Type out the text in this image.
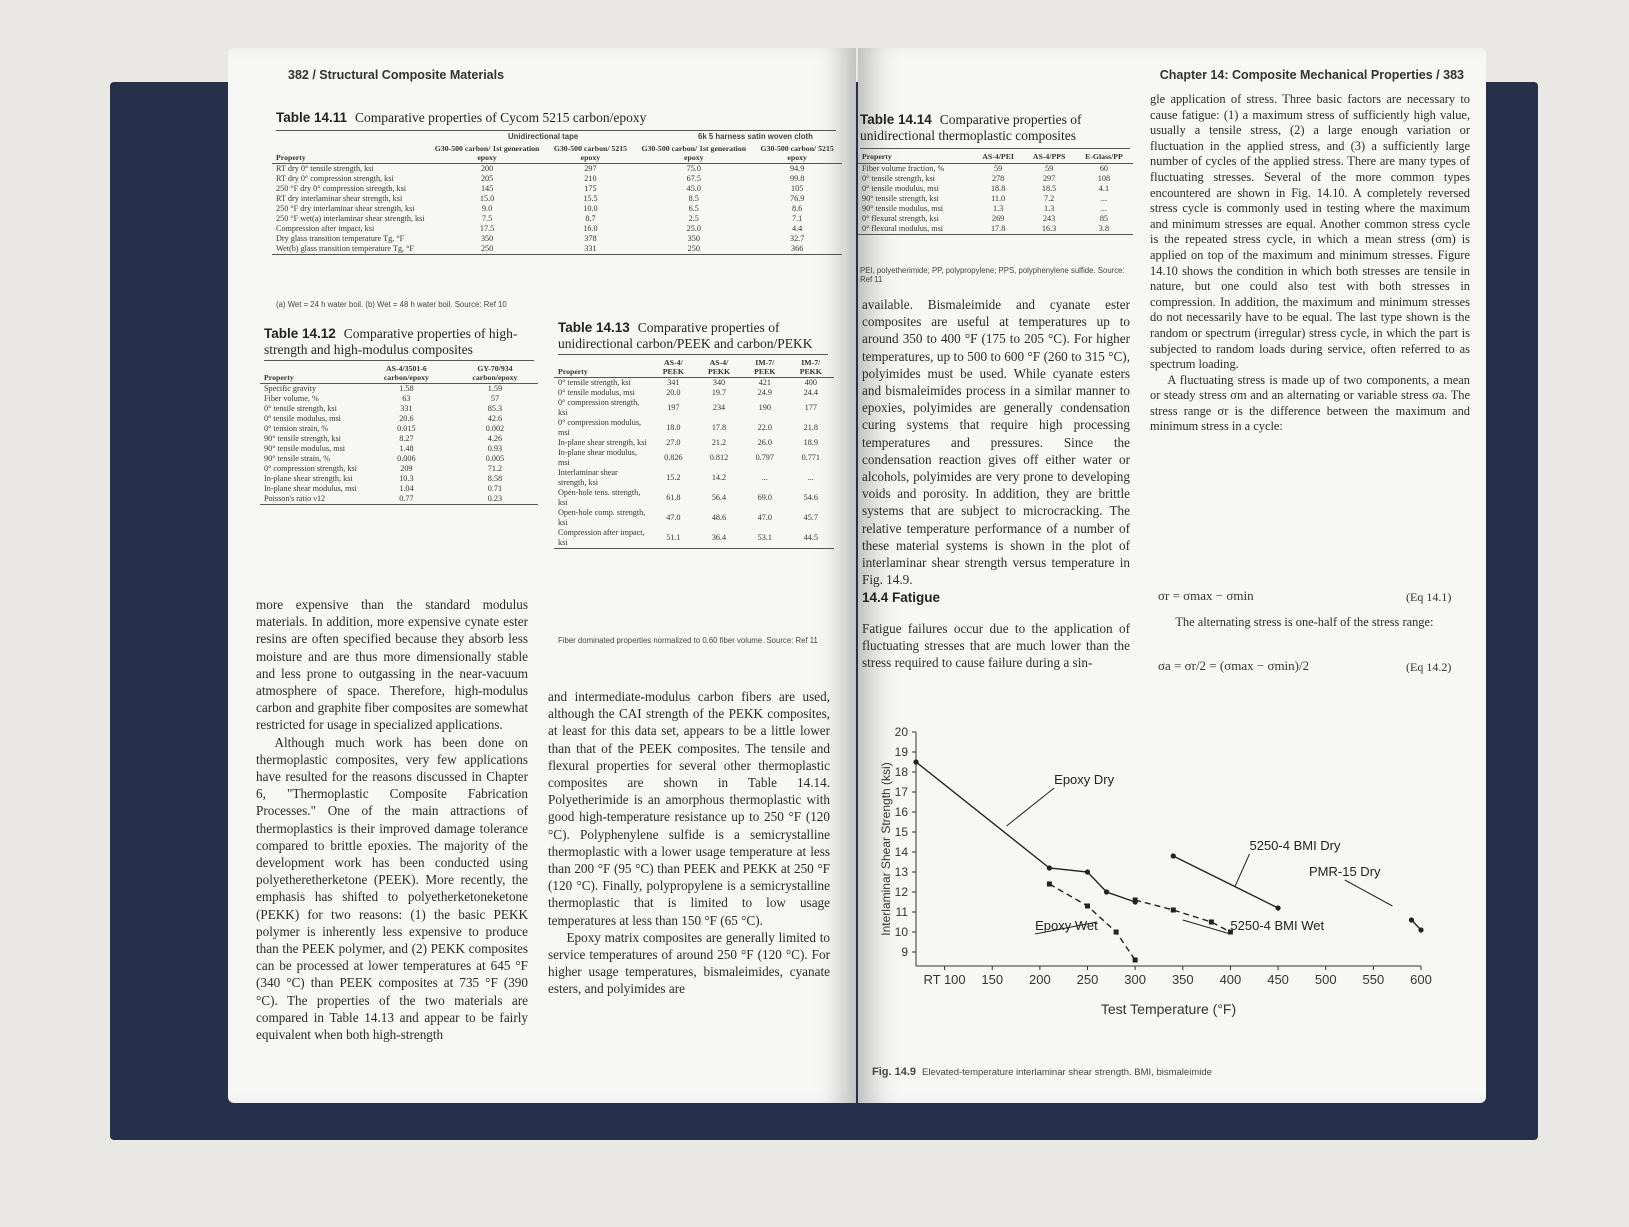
382 / Structural Composite Materials
Table 14.11 Comparative properties of Cycom 5215 carbon/epoxy
Unidirectional tape	6k 5 harness satin woven cloth
Property	G30-500 carbon/ 1st generation epoxy	G30-500 carbon/ 5215 epoxy	G30-500 carbon/ 1st generation epoxy	G30-500 carbon/ 5215 epoxy
RT dry 0° tensile strength, ksi	200	297	75.0	94.9
RT dry 0° compression strength, ksi	205	210	67.5	99.8
250 °F dry 0° compression strength, ksi	145	175	45.0	105
RT dry interlaminar shear strength, ksi	15.0	15.5	8.5	76.9
250 °F dry interlaminar shear strength, ksi	9.0	10.0	6.5	8.6
250 °F wet(a) interlaminar shear strength, ksi	7.5	8.7	2.5	7.1
Compression after impact, ksi	17.5	16.0	25.0	4.4
Dry glass transition temperature Tg, °F	350	378	350	32.7
Wet(b) glass transition temperature Tg, °F	250	331	250	366
(a) Wet = 24 h water boil. (b) Wet = 48 h water boil. Source: Ref 10
Table 14.12 Comparative properties of high-strength and high-modulus composites
Property	AS-4/3501-6 carbon/epoxy	GY-70/934 carbon/epoxy
Specific gravity	1.58	1.59
Fiber volume, %	63	57
0° tensile strength, ksi	331	85.3
0° tensile modulus, msi	20.6	42.6
0° tension strain, %	0.015	0.002
90° tensile strength, ksi	8.27	4.26
90° tensile modulus, msi	1.48	0.93
90° tensile strain, %	0.006	0.005
0° compression strength, ksi	209	71.2
In-plane shear strength, ksi	10.3	8.58
In-plane shear modulus, msi	1.04	0.71
Poisson's ratio ν12	0.77	0.23
Table 14.13 Comparative properties of unidirectional carbon/PEEK and carbon/PEKK
Property	AS-4/ PEEK	AS-4/ PEKK	IM-7/ PEEK	IM-7/ PEKK
0° tensile strength, ksi	341	340	421	400
0° tensile modulus, msi	20.0	19.7	24.9	24.4
0° compression strength, ksi	197	234	190	177
0° compression modulus, msi	18.0	17.8	22.0	21.8
In-plane shear strength, ksi	27.0	21.2	26.0	18.9
In-plane shear modulus, msi	0.826	0.812	0.797	0.771
Interlaminar shear strength, ksi	15.2	14.2	...	...
Open-hole tens. strength, ksi	61.8	56.4	69.0	54.6
Open-hole comp. strength, ksi	47.0	48.6	47.0	45.7
Compression after impact, ksi	51.1	36.4	53.1	44.5
Fiber dominated properties normalized to 0.60 fiber volume. Source: Ref 11

more expensive than the standard modulus materials. In addition, more expensive cynate ester resins are often specified because they absorb less moisture and are thus more dimensionally stable and less prone to outgassing in the near-vacuum atmosphere of space. Therefore, high-modulus carbon and graphite fiber composites are somewhat restricted for usage in specialized applications.

Although much work has been done on thermoplastic composites, very few applications have resulted for the reasons discussed in Chapter 6, "Thermoplastic Composite Fabrication Processes." One of the main attractions of thermoplastics is their improved damage tolerance compared to brittle epoxies. The majority of the development work has been conducted using polyetheretherketone (PEEK). More recently, the emphasis has shifted to polyetherketoneketone (PEKK) for two reasons: (1) the basic PEKK polymer is inherently less expensive to produce than the PEEK polymer, and (2) PEKK composites can be processed at lower temperatures at 645 °F (340 °C) than PEEK composites at 735 °F (390 °C). The properties of the two materials are compared in Table 14.13 and appear to be fairly equivalent when both high-strength

and intermediate-modulus carbon fibers are used, although the CAI strength of the PEKK composites, at least for this data set, appears to be a little lower than that of the PEEK composites. The tensile and flexural properties for several other thermoplastic composites are shown in Table 14.14. Polyetherimide is an amorphous thermoplastic with good high-temperature resistance up to 250 °F (120 °C). Polyphenylene sulfide is a semicrystalline thermoplastic with a lower usage temperature at less than 200 °F (95 °C) than PEEK and PEKK at 250 °F (120 °C). Finally, polypropylene is a semicrystalline thermoplastic that is limited to low usage temperatures at less than 150 °F (65 °C).

Epoxy matrix composites are generally limited to service temperatures of around 250 °F (120 °C). For higher usage temperatures, bismaleimides, cyanate esters, and polyimides are

Chapter 14: Composite Mechanical Properties / 383
Table 14.14 Comparative properties of unidirectional thermoplastic composites
Property	AS-4/PEI	AS-4/PPS	E-Glass/PP
Fiber volume fraction, %	59	59	60
0° tensile strength, ksi	278	297	108
0° tensile modulus, msi	18.8	18.5	4.1
90° tensile strength, ksi	11.0	7.2	...
90° tensile modulus, msi	1.3	1.3	...
0° flexural strength, ksi	269	243	85
0° flexural modulus, msi	17.8	16.3	3.8
PEI, polyetherimide; PP, polypropylene; PPS, polyphenylene sulfide. Source: Ref 11

available. Bismaleimide and cyanate ester composites are useful at temperatures up to around 350 to 400 °F (175 to 205 °C). For higher temperatures, up to 500 to 600 °F (260 to 315 °C), polyimides must be used. While cyanate esters and bismaleimides process in a similar manner to epoxies, polyimides are generally condensation curing systems that require high processing temperatures and pressures. Since the condensation reaction gives off either water or alcohols, polyimides are very prone to developing voids and porosity. In addition, they are brittle systems that are subject to microcracking. The relative temperature performance of a number of these material systems is shown in the plot of interlaminar shear strength versus temperature in Fig. 14.9.

14.4 Fatigue

Fatigue failures occur due to the application of fluctuating stresses that are much lower than the stress required to cause failure during a sin-

gle application of stress. Three basic factors are necessary to cause fatigue: (1) a maximum stress of sufficiently high value, usually a tensile stress, (2) a large enough variation or fluctuation in the applied stress, and (3) a sufficiently large number of cycles of the applied stress. There are many types of fluctuating stresses. Several of the more common types encountered are shown in Fig. 14.10. A completely reversed stress cycle is commonly used in testing where the maximum and minimum stresses are equal. Another common stress cycle is the repeated stress cycle, in which a mean stress (σm) is applied on top of the maximum and minimum stresses. Figure 14.10 shows the condition in which both stresses are tensile in nature, but one could also test with both stresses in compression. In addition, the maximum and minimum stresses do not necessarily have to be equal. The last type shown is the random or spectrum (irregular) stress cycle, in which the part is subjected to random loads during service, often referred to as spectrum loading.

A fluctuating stress is made up of two components, a mean or steady stress σm and an alternating or variable stress σa. The stress range σr is the difference between the maximum and minimum stress in a cycle:

σr = σmax − σmin	(Eq 14.1)

The alternating stress is one-half of the stress range:

σa = σr/2 = (σmax − σmin)/2	(Eq 14.2)
9
10
11
12
13
14
15
16
17
18
19
20
RT 100 150 200 250 300 350 400 450 500 550 600
Test Temperature (°F)
Interlaminar Shear Strength (ksi)	Epoxy Dry
Epoxy Wet
5250-4 BMI Dry
5250-4 BMI Wet
PMR-15 Dry
Fig. 14.9 Elevated-temperature interlaminar shear strength. BMI, bismaleimide
